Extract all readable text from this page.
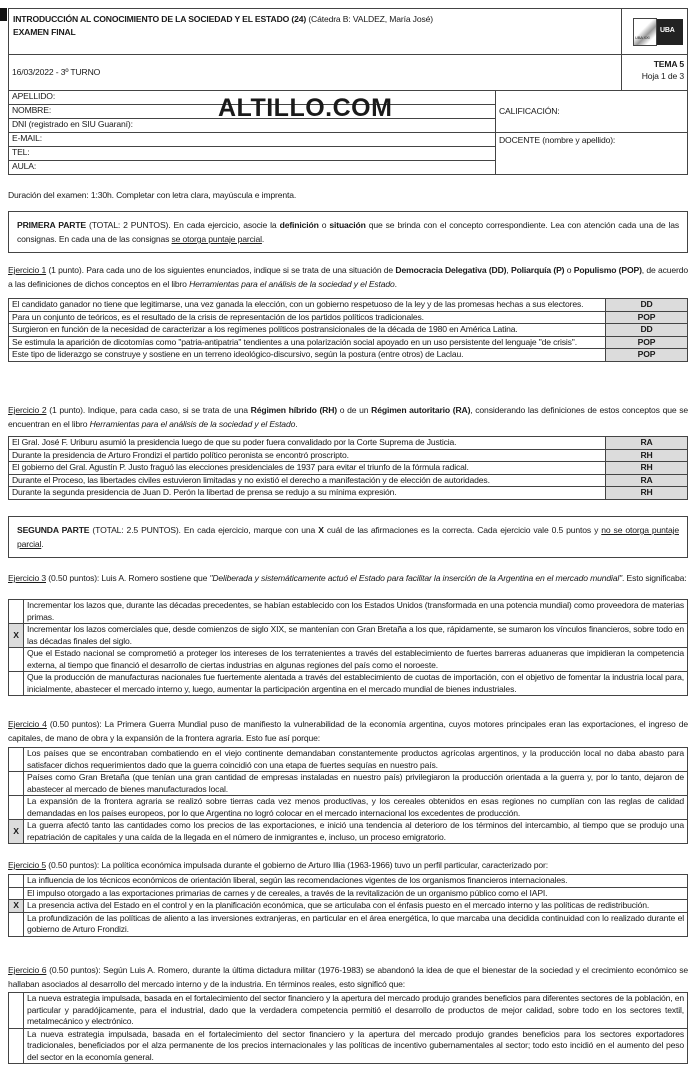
INTRODUCCIÓN AL CONOCIMIENTO DE LA SOCIEDAD Y EL ESTADO (24) (Cátedra B: VALDEZ, María José)
EXAMEN FINAL	UBA XXI
UBA

16/03/2022 - 3º TURNO	TEMA 5
Hoja 1 de 3
APELLIDO:	CALIFICACIÓN:
NOMBRE:	
DNI (registrado en SIU Guaraní):	
E-MAIL:	DOCENTE (nombre y apellido):
TEL:	
AULA:	
ALTILLO.COM
Duración del examen: 1:30h. Completar con letra clara, mayúscula e imprenta.
PRIMERA PARTE (TOTAL: 2 PUNTOS). En cada ejercicio, asocie la definición o situación que se brinda con el concepto correspondiente. Lea con atención cada una de las consignas. En cada una de las consignas se otorga puntaje parcial.
Ejercicio 1 (1 punto). Para cada uno de los siguientes enunciados, indique si se trata de una situación de Democracia Delegativa (DD), Poliarquía (P) o Populismo (POP), de acuerdo a las definiciones de dichos conceptos en el libro Herramientas para el análisis de la sociedad y el Estado.
El candidato ganador no tiene que legitimarse, una vez ganada la elección, con un gobierno respetuoso de la ley y de las promesas hechas a sus electores.	DD
Para un conjunto de teóricos, es el resultado de la crisis de representación de los partidos políticos tradicionales.	POP
Surgieron en función de la necesidad de caracterizar a los regímenes políticos postransicionales de la década de 1980 en América Latina.	DD
Se estimula la aparición de dicotomías como "patria-antipatria" tendientes a una polarización social apoyado en un uso persistente del lenguaje "de crisis".	POP
Este tipo de liderazgo se construye y sostiene en un terreno ideológico-discursivo, según la postura (entre otros) de Laclau.	POP
Ejercicio 2 (1 punto). Indique, para cada caso, si se trata de una Régimen híbrido (RH) o de un Régimen autoritario (RA), considerando las definiciones de estos conceptos que se encuentran en el libro Herramientas para el análisis de la sociedad y el Estado.
El Gral. José F. Uriburu asumió la presidencia luego de que su poder fuera convalidado por la Corte Suprema de Justicia.	RA
Durante la presidencia de Arturo Frondizi el partido político peronista se encontró proscripto.	RH
El gobierno del Gral. Agustín P. Justo fraguó las elecciones presidenciales de 1937 para evitar el triunfo de la fórmula radical.	RH
Durante el Proceso, las libertades civiles estuvieron limitadas y no existió el derecho a manifestación y de elección de autoridades.	RA
Durante la segunda presidencia de Juan D. Perón la libertad de prensa se redujo a su mínima expresión.	RH
SEGUNDA PARTE (TOTAL: 2.5 PUNTOS). En cada ejercicio, marque con una X cuál de las afirmaciones es la correcta. Cada ejercicio vale 0.5 puntos y no se otorga puntaje parcial.
Ejercicio 3 (0.50 puntos): Luis A. Romero sostiene que "Deliberada y sistemáticamente actuó el Estado para facilitar la inserción de la Argentina en el mercado mundial". Esto significaba:
	Incrementar los lazos que, durante las décadas precedentes, se habían establecido con los Estados Unidos (transformada en una potencia mundial) como proveedora de materias primas.
X	Incrementar los lazos comerciales que, desde comienzos de siglo XIX, se mantenían con Gran Bretaña a los que, rápidamente, se sumaron los vínculos financieros, sobre todo en las décadas finales del siglo.
	Que el Estado nacional se comprometió a proteger los intereses de los terratenientes a través del establecimiento de fuertes barreras aduaneras que impidieran la competencia externa, al tiempo que financió el desarrollo de ciertas industrias en algunas regiones del país como el noroeste.
	Que la producción de manufacturas nacionales fue fuertemente alentada a través del establecimiento de cuotas de importación, con el objetivo de fomentar la industria local para, inicialmente, abastecer el mercado interno y, luego, aumentar la participación argentina en el mercado mundial de bienes industriales.
Ejercicio 4 (0.50 puntos): La Primera Guerra Mundial puso de manifiesto la vulnerabilidad de la economía argentina, cuyos motores principales eran las exportaciones, el ingreso de capitales, de mano de obra y la expansión de la frontera agraria. Esto fue así porque:
	Los países que se encontraban combatiendo en el viejo continente demandaban constantemente productos agrícolas argentinos, y la producción local no daba abasto para satisfacer dichos requerimientos dado que la guerra coincidió con una etapa de fuertes sequías en nuestro país.
	Países como Gran Bretaña (que tenían una gran cantidad de empresas instaladas en nuestro país) privilegiaron la producción orientada a la guerra y, por lo tanto, dejaron de abastecer al mercado de bienes manufacturados local.
	La expansión de la frontera agraria se realizó sobre tierras cada vez menos productivas, y los cereales obtenidos en esas regiones no cumplían con las reglas de calidad demandadas en los países europeos, por lo que Argentina no logró colocar en el mercado internacional los excedentes de producción.
X	La guerra afectó tanto las cantidades como los precios de las exportaciones, e inició una tendencia al deterioro de los términos del intercambio, al tiempo que se produjo una repatriación de capitales y una caída de la llegada en el número de inmigrantes e, incluso, un proceso emigratorio.
Ejercicio 5 (0.50 puntos): La política económica impulsada durante el gobierno de Arturo Illia (1963-1966) tuvo un perfil particular, caracterizado por:
	La influencia de los técnicos económicos de orientación liberal, según las recomendaciones vigentes de los organismos financieros internacionales.
	El impulso otorgado a las exportaciones primarias de carnes y de cereales, a través de la revitalización de un organismo público como el IAPI.
X	La presencia activa del Estado en el control y en la planificación económica, que se articulaba con el énfasis puesto en el mercado interno y las políticas de redistribución.
	La profundización de las políticas de aliento a las inversiones extranjeras, en particular en el área energética, lo que marcaba una decidida continuidad con lo realizado durante el gobierno de Arturo Frondizi.
Ejercicio 6 (0.50 puntos): Según Luis A. Romero, durante la última dictadura militar (1976-1983) se abandonó la idea de que el bienestar de la sociedad y el crecimiento económico se hallaban asociados al desarrollo del mercado interno y de la industria. En términos reales, esto significó que:
	La nueva estrategia impulsada, basada en el fortalecimiento del sector financiero y la apertura del mercado produjo grandes beneficios para diferentes sectores de la población, en particular y paradójicamente, para el industrial, dado que la verdadera competencia permitió el desarrollo de productos de mejor calidad, sobre todo en los sectores textil, metalmecánico y electrónico.
	La nueva estrategia impulsada, basada en el fortalecimiento del sector financiero y la apertura del mercado produjo grandes beneficios para los sectores exportadores tradicionales, beneficiados por el alza permanente de los precios internacionales y las políticas de incentivo gubernamentales al sector; todo esto incidió en el aumento del peso del sector en la economía general.
